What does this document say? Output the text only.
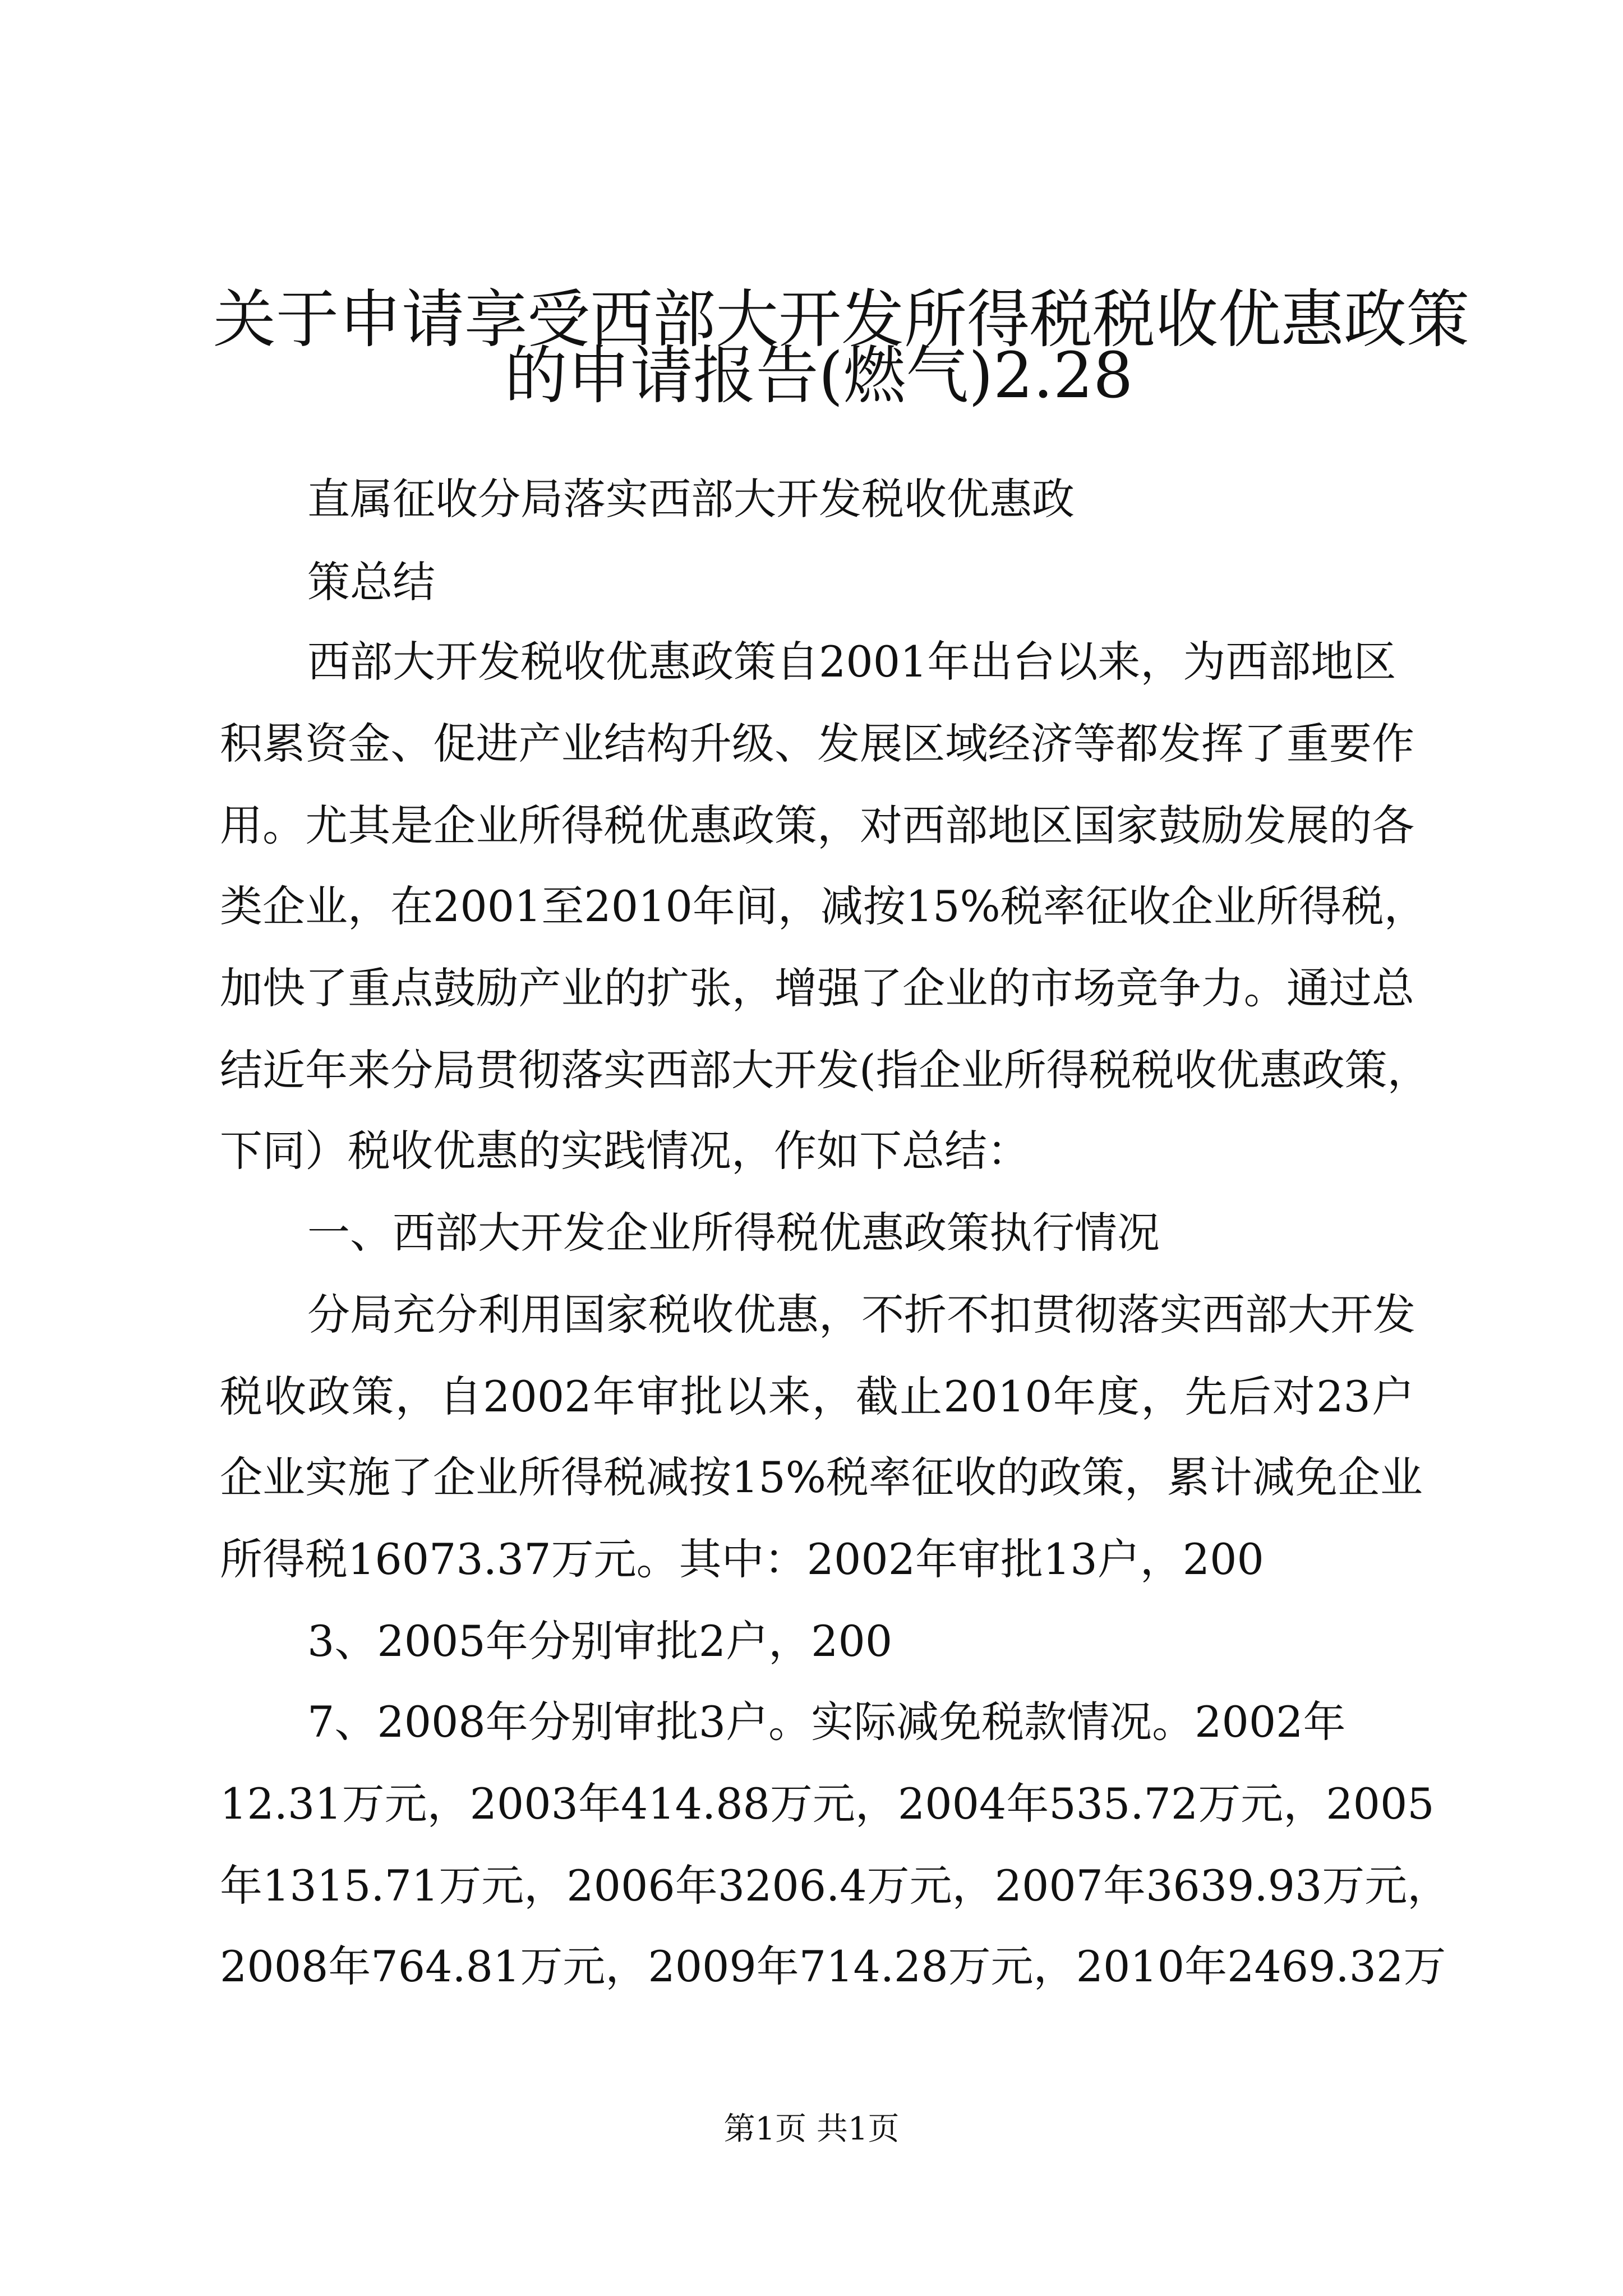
关于申请享受西部大开发所得税税收优惠政策
的申请报告(燃气)2.28
直属征收分局落实西部大开发税收优惠政
策总结
西部大开发税收优惠政策自2001年出台以来，为西部地区
积累资金、促进产业结构升级、发展区域经济等都发挥了重要作
用。尤其是企业所得税优惠政策，对西部地区国家鼓励发展的各
类企业，在2001至2010年间，减按15%税率征收企业所得税，
加快了重点鼓励产业的扩张，增强了企业的市场竞争力。通过总
结近年来分局贯彻落实西部大开发(指企业所得税税收优惠政策，
下同）税收优惠的实践情况，作如下总结：
一、西部大开发企业所得税优惠政策执行情况
分局充分利用国家税收优惠，不折不扣贯彻落实西部大开发
税收政策，自2002年审批以来，截止2010年度，先后对23户
企业实施了企业所得税减按15%税率征收的政策，累计减免企业
所得税16073.37万元。其中：2002年审批13户，200
3、2005年分别审批2户，200
7、2008年分别审批3户。实际减免税款情况。2002年
12.31万元，2003年414.88万元，2004年535.72万元，2005
年1315.71万元，2006年3206.4万元，2007年3639.93万元，
2008年764.81万元，2009年714.28万元，2010年2469.32万
第1页 共1页
